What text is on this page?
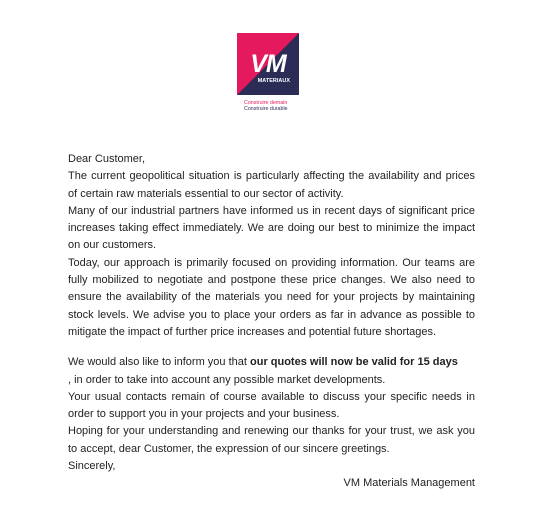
VM
MATERIAUX
Construire demain
Construire durable

Dear Customer,

The current geopolitical situation is particularly affecting the availability and prices of certain raw materials essential to our sector of activity.

Many of our industrial partners have informed us in recent days of significant price increases taking effect immediately. We are doing our best to minimize the impact on our customers.

Today, our approach is primarily focused on providing information. Our teams are fully mobilized to negotiate and postpone these price changes. We also need to ensure the availability of the materials you need for your projects by maintaining stock levels. We advise you to place your orders as far in advance as possible to mitigate the impact of further price increases and potential future shortages.

We would also like to inform you that our quotes will now be valid for 15 days
, in order to take into account any possible market developments.

Your usual contacts remain of course available to discuss your specific needs in order to support you in your projects and your business.

Hoping for your understanding and renewing our thanks for your trust, we ask you to accept, dear Customer, the expression of our sincere greetings.

Sincerely,

VM Materials Management
